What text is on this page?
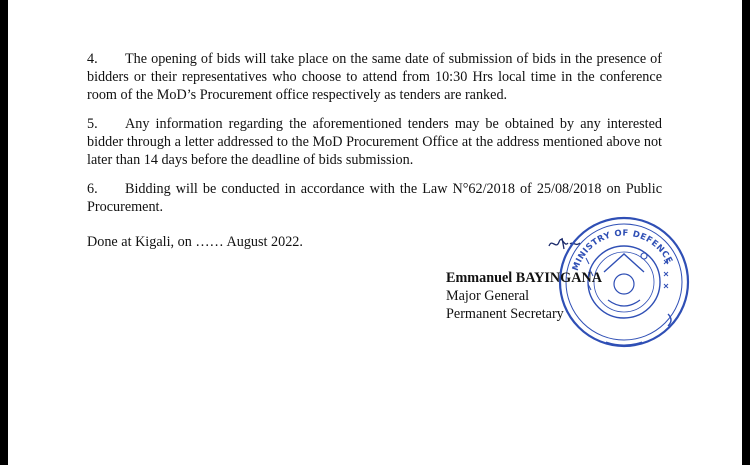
4. The opening of bids will take place on the same date of submission of bids in the presence of bidders or their representatives who choose to attend from 10:30 Hrs local time in the conference room of the MoD’s Procurement office respectively as tenders are ranked.
5. Any information regarding the aforementioned tenders may be obtained by any interested bidder through a letter addressed to the MoD Procurement Office at the address mentioned above not later than 14 days before the deadline of bids submission.
6. Bidding will be conducted in accordance with the Law N°62/2018 of 25/08/2018 on Public Procurement.
Done at Kigali, on …… August 2022.
MINISTRY OF DEFENCE
Emmanuel BAYINGANA
Major General
Permanent Secretary
